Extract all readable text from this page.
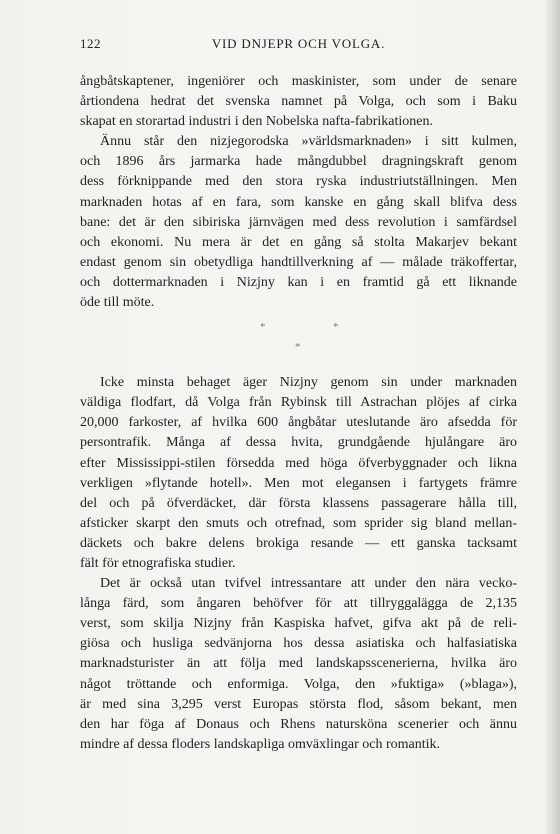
122	VID DNJEPR OCH VOLGA.
ångbåtskaptener, ingeniörer och maskinister, som under de senare
årtiondena hedrat det svenska namnet på Volga, och som i Baku
skapat en storartad industri i den Nobelska nafta-fabrikationen.
Ännu står den nizjegorodska »världsmarknaden» i sitt kulmen,
och 1896 års jarmarka hade mångdubbel dragningskraft genom
dess förknippande med den stora ryska industriutställningen. Men
marknaden hotas af en fara, som kanske en gång skall blifva dess
bane: det är den sibiriska järnvägen med dess revolution i samfärdsel
och ekonomi. Nu mera är det en gång så stolta Makarjev bekant
endast genom sin obetydliga handtillverkning af — målade träkoffertar,
och dottermarknaden i Nizjny kan i en framtid gå ett liknande
öde till möte.
*	*
*
Icke minsta behaget äger Nizjny genom sin under marknaden
väldiga flodfart, då Volga från Rybinsk till Astrachan plöjes af cirka
20,000 farkoster, af hvilka 600 ångbåtar uteslutande äro afsedda för
persontrafik. Många af dessa hvita, grundgående hjulångare äro
efter Mississippi-stilen försedda med höga öfverbyggnader och likna
verkligen »flytande hotell». Men mot elegansen i fartygets främre
del och på öfverdäcket, där första klassens passagerare hålla till,
afsticker skarpt den smuts och otrefnad, som sprider sig bland mellan-
däckets och bakre delens brokiga resande — ett ganska tacksamt
fält för etnografiska studier.
Det är också utan tvifvel intressantare att under den nära vecko-
långa färd, som ångaren behöfver för att tillryggalägga de 2,135
verst, som skilja Nizjny från Kaspiska hafvet, gifva akt på de reli-
giösa och husliga sedvänjorna hos dessa asiatiska och halfasiatiska
marknadsturister än att följa med landskapsscenerierna, hvilka äro
något tröttande och enformiga. Volga, den »fuktiga» (»blaga»),
är med sina 3,295 verst Europas största flod, såsom bekant, men
den har föga af Donaus och Rhens natursköna scenerier och ännu
mindre af dessa floders landskapliga omväxlingar och romantik.
